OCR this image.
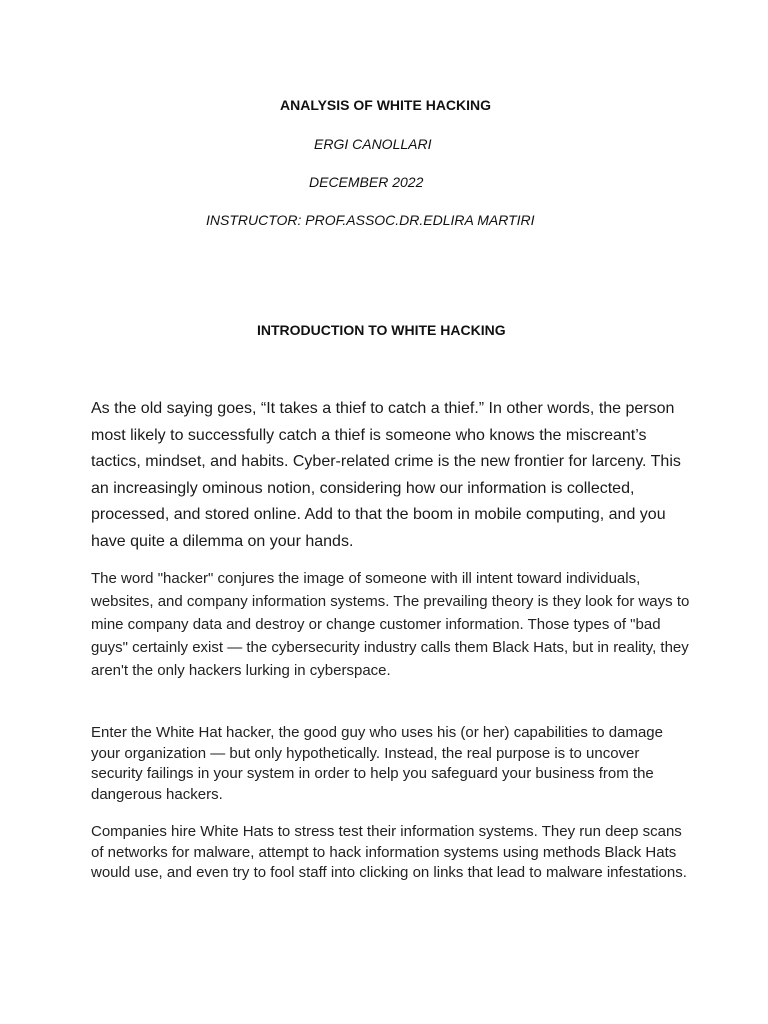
ANALYSIS OF WHITE HACKING
ERGI CANOLLARI
DECEMBER 2022
INSTRUCTOR: PROF.ASSOC.DR.EDLIRA MARTIRI
INTRODUCTION TO WHITE HACKING

As the old saying goes, “It takes a thief to catch a thief.” In other words, the person most likely to successfully catch a thief is someone who knows the miscreant’s tactics, mindset, and habits. Cyber-related crime is the new frontier for larceny. This an increasingly ominous notion, considering how our information is collected, processed, and stored online. Add to that the boom in mobile computing, and you have quite a dilemma on your hands.

The word "hacker" conjures the image of someone with ill intent toward individuals, websites, and company information systems. The prevailing theory is they look for ways to mine company data and destroy or change customer information. Those types of "bad guys" certainly exist — the cybersecurity industry calls them Black Hats, but in reality, they aren't the only hackers lurking in cyberspace.

Enter the White Hat hacker, the good guy who uses his (or her) capabilities to damage your organization — but only hypothetically. Instead, the real purpose is to uncover security failings in your system in order to help you safeguard your business from the dangerous hackers.

Companies hire White Hats to stress test their information systems. They run deep scans of networks for malware, attempt to hack information systems using methods Black Hats would use, and even try to fool staff into clicking on links that lead to malware infestations.
